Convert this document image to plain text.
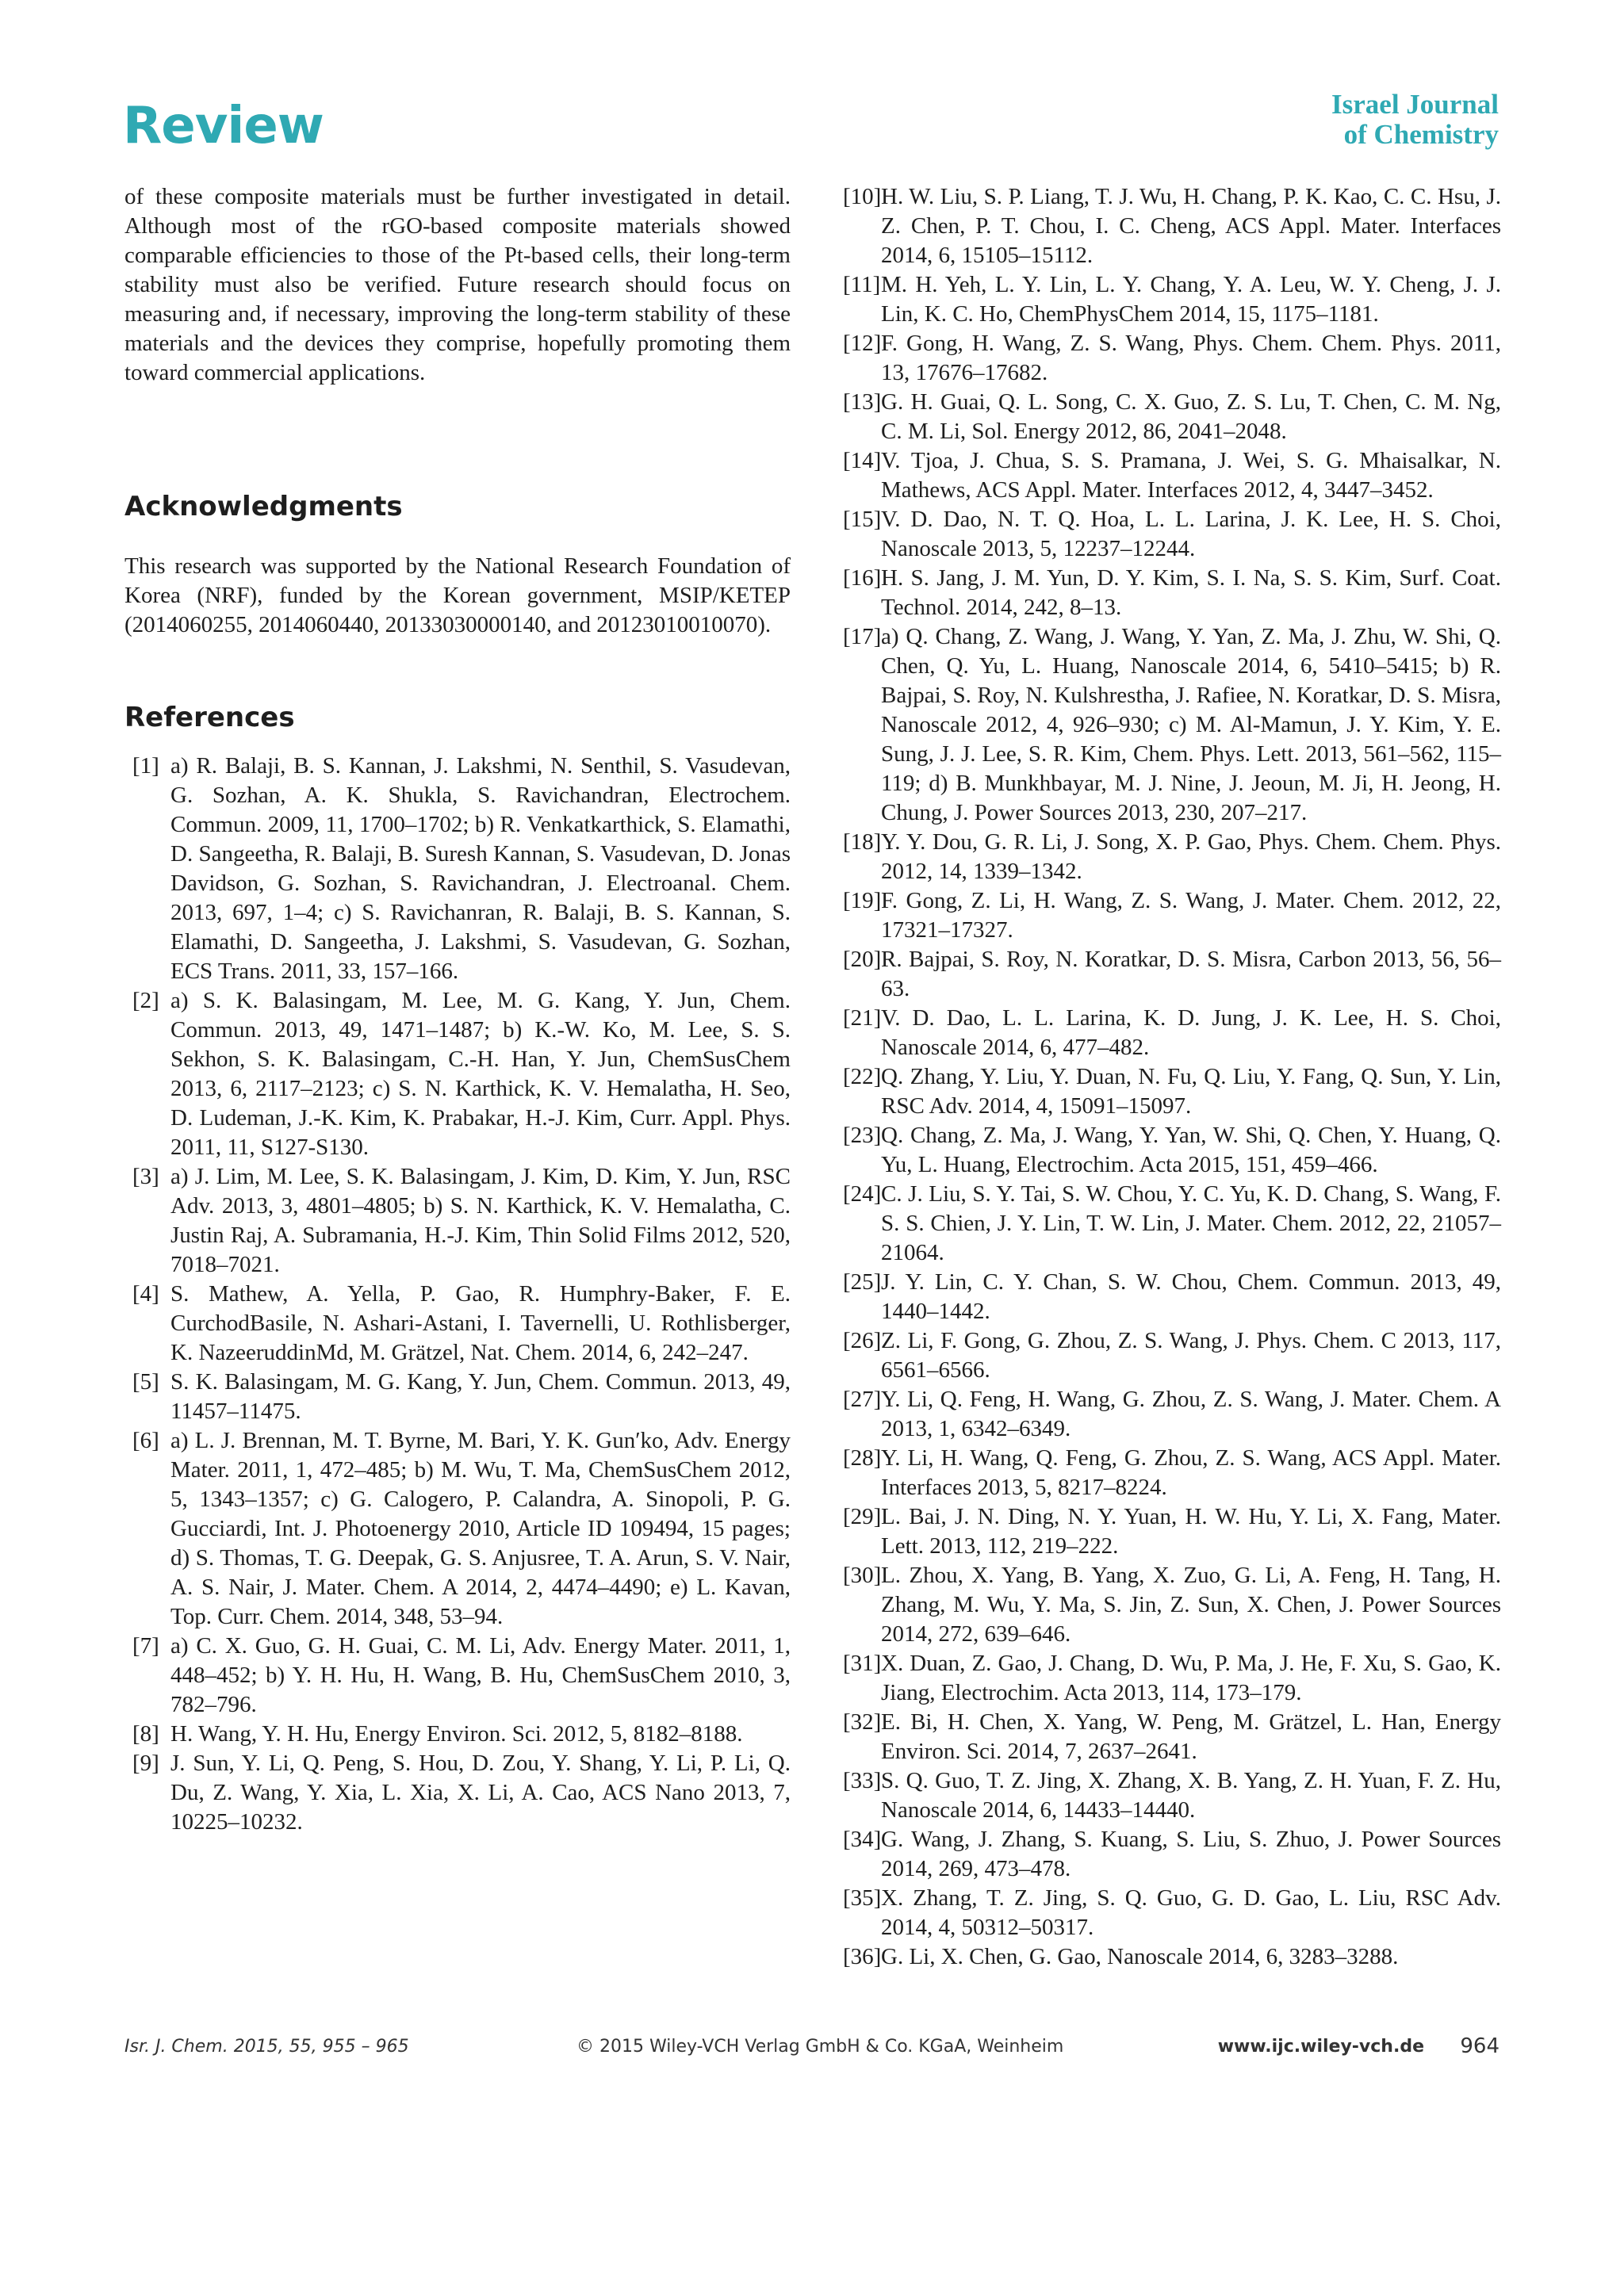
Review	Israel Journal
of Chemistry

of these composite materials must be further investigated in detail. Although most of the rGO-based composite materials showed comparable efficiencies to those of the Pt-based cells, their long-term stability must also be verified. Future research should focus on measuring and, if necessary, improving the long-term stability of these materials and the devices they comprise, hopefully promoting them toward commercial applications.

Acknowledgments

This research was supported by the National Research Foundation of Korea (NRF), funded by the Korean government, MSIP/KETEP (2014060255, 2014060440, 20133030000140, and 20123010010070).

References
[1] a) R. Balaji, B. S. Kannan, J. Lakshmi, N. Senthil, S. Vasudevan, G. Sozhan, A. K. Shukla, S. Ravichandran, Electrochem. Commun. 2009, 11, 1700–1702; b) R. Venkatkarthick, S. Elamathi, D. Sangeetha, R. Balaji, B. Suresh Kannan, S. Vasudevan, D. Jonas Davidson, G. Sozhan, S. Ravichandran, J. Electroanal. Chem. 2013, 697, 1–4; c) S. Ravichanran, R. Balaji, B. S. Kannan, S. Elamathi, D. Sangeetha, J. Lakshmi, S. Vasudevan, G. Sozhan, ECS Trans. 2011, 33, 157–166.
[2] a) S. K. Balasingam, M. Lee, M. G. Kang, Y. Jun, Chem. Commun. 2013, 49, 1471–1487; b) K.-W. Ko, M. Lee, S. S. Sekhon, S. K. Balasingam, C.-H. Han, Y. Jun, ChemSusChem 2013, 6, 2117–2123; c) S. N. Karthick, K. V. Hemalatha, H. Seo, D. Ludeman, J.-K. Kim, K. Prabakar, H.-J. Kim, Curr. Appl. Phys. 2011, 11, S127-S130.
[3] a) J. Lim, M. Lee, S. K. Balasingam, J. Kim, D. Kim, Y. Jun, RSC Adv. 2013, 3, 4801–4805; b) S. N. Karthick, K. V. Hemalatha, C. Justin Raj, A. Subramania, H.-J. Kim, Thin Solid Films 2012, 520, 7018–7021.
[4] S. Mathew, A. Yella, P. Gao, R. Humphry-Baker, F. E. CurchodBasile, N. Ashari-Astani, I. Tavernelli, U. Rothlisberger, K. NazeeruddinMd, M. Grätzel, Nat. Chem. 2014, 6, 242–247.
[5] S. K. Balasingam, M. G. Kang, Y. Jun, Chem. Commun. 2013, 49, 11457–11475.
[6] a) L. J. Brennan, M. T. Byrne, M. Bari, Y. K. Gun′ko, Adv. Energy Mater. 2011, 1, 472–485; b) M. Wu, T. Ma, ChemSusChem 2012, 5, 1343–1357; c) G. Calogero, P. Calandra, A. Sinopoli, P. G. Gucciardi, Int. J. Photoenergy 2010, Article ID 109494, 15 pages; d) S. Thomas, T. G. Deepak, G. S. Anjusree, T. A. Arun, S. V. Nair, A. S. Nair, J. Mater. Chem. A 2014, 2, 4474–4490; e) L. Kavan, Top. Curr. Chem. 2014, 348, 53–94.
[7] a) C. X. Guo, G. H. Guai, C. M. Li, Adv. Energy Mater. 2011, 1, 448–452; b) Y. H. Hu, H. Wang, B. Hu, ChemSusChem 2010, 3, 782–796.
[8] H. Wang, Y. H. Hu, Energy Environ. Sci. 2012, 5, 8182–8188.
[9] J. Sun, Y. Li, Q. Peng, S. Hou, D. Zou, Y. Shang, Y. Li, P. Li, Q. Du, Z. Wang, Y. Xia, L. Xia, X. Li, A. Cao, ACS Nano 2013, 7, 10225–10232.
[10] H. W. Liu, S. P. Liang, T. J. Wu, H. Chang, P. K. Kao, C. C. Hsu, J. Z. Chen, P. T. Chou, I. C. Cheng, ACS Appl. Mater. Interfaces 2014, 6, 15105–15112.
[11] M. H. Yeh, L. Y. Lin, L. Y. Chang, Y. A. Leu, W. Y. Cheng, J. J. Lin, K. C. Ho, ChemPhysChem 2014, 15, 1175–1181.
[12] F. Gong, H. Wang, Z. S. Wang, Phys. Chem. Chem. Phys. 2011, 13, 17676–17682.
[13] G. H. Guai, Q. L. Song, C. X. Guo, Z. S. Lu, T. Chen, C. M. Ng, C. M. Li, Sol. Energy 2012, 86, 2041–2048.
[14] V. Tjoa, J. Chua, S. S. Pramana, J. Wei, S. G. Mhaisalkar, N. Mathews, ACS Appl. Mater. Interfaces 2012, 4, 3447–3452.
[15] V. D. Dao, N. T. Q. Hoa, L. L. Larina, J. K. Lee, H. S. Choi, Nanoscale 2013, 5, 12237–12244.
[16] H. S. Jang, J. M. Yun, D. Y. Kim, S. I. Na, S. S. Kim, Surf. Coat. Technol. 2014, 242, 8–13.
[17] a) Q. Chang, Z. Wang, J. Wang, Y. Yan, Z. Ma, J. Zhu, W. Shi, Q. Chen, Q. Yu, L. Huang, Nanoscale 2014, 6, 5410–5415; b) R. Bajpai, S. Roy, N. Kulshrestha, J. Rafiee, N. Koratkar, D. S. Misra, Nanoscale 2012, 4, 926–930; c) M. Al-Mamun, J. Y. Kim, Y. E. Sung, J. J. Lee, S. R. Kim, Chem. Phys. Lett. 2013, 561–562, 115–119; d) B. Munkhbayar, M. J. Nine, J. Jeoun, M. Ji, H. Jeong, H. Chung, J. Power Sources 2013, 230, 207–217.
[18] Y. Y. Dou, G. R. Li, J. Song, X. P. Gao, Phys. Chem. Chem. Phys. 2012, 14, 1339–1342.
[19] F. Gong, Z. Li, H. Wang, Z. S. Wang, J. Mater. Chem. 2012, 22, 17321–17327.
[20] R. Bajpai, S. Roy, N. Koratkar, D. S. Misra, Carbon 2013, 56, 56–63.
[21] V. D. Dao, L. L. Larina, K. D. Jung, J. K. Lee, H. S. Choi, Nanoscale 2014, 6, 477–482.
[22] Q. Zhang, Y. Liu, Y. Duan, N. Fu, Q. Liu, Y. Fang, Q. Sun, Y. Lin, RSC Adv. 2014, 4, 15091–15097.
[23] Q. Chang, Z. Ma, J. Wang, Y. Yan, W. Shi, Q. Chen, Y. Huang, Q. Yu, L. Huang, Electrochim. Acta 2015, 151, 459–466.
[24] C. J. Liu, S. Y. Tai, S. W. Chou, Y. C. Yu, K. D. Chang, S. Wang, F. S. S. Chien, J. Y. Lin, T. W. Lin, J. Mater. Chem. 2012, 22, 21057–21064.
[25] J. Y. Lin, C. Y. Chan, S. W. Chou, Chem. Commun. 2013, 49, 1440–1442.
[26] Z. Li, F. Gong, G. Zhou, Z. S. Wang, J. Phys. Chem. C 2013, 117, 6561–6566.
[27] Y. Li, Q. Feng, H. Wang, G. Zhou, Z. S. Wang, J. Mater. Chem. A 2013, 1, 6342–6349.
[28] Y. Li, H. Wang, Q. Feng, G. Zhou, Z. S. Wang, ACS Appl. Mater. Interfaces 2013, 5, 8217–8224.
[29] L. Bai, J. N. Ding, N. Y. Yuan, H. W. Hu, Y. Li, X. Fang, Mater. Lett. 2013, 112, 219–222.
[30] L. Zhou, X. Yang, B. Yang, X. Zuo, G. Li, A. Feng, H. Tang, H. Zhang, M. Wu, Y. Ma, S. Jin, Z. Sun, X. Chen, J. Power Sources 2014, 272, 639–646.
[31] X. Duan, Z. Gao, J. Chang, D. Wu, P. Ma, J. He, F. Xu, S. Gao, K. Jiang, Electrochim. Acta 2013, 114, 173–179.
[32] E. Bi, H. Chen, X. Yang, W. Peng, M. Grätzel, L. Han, Energy Environ. Sci. 2014, 7, 2637–2641.
[33] S. Q. Guo, T. Z. Jing, X. Zhang, X. B. Yang, Z. H. Yuan, F. Z. Hu, Nanoscale 2014, 6, 14433–14440.
[34] G. Wang, J. Zhang, S. Kuang, S. Liu, S. Zhuo, J. Power Sources 2014, 269, 473–478.
[35] X. Zhang, T. Z. Jing, S. Q. Guo, G. D. Gao, L. Liu, RSC Adv. 2014, 4, 50312–50317.
[36] G. Li, X. Chen, G. Gao, Nanoscale 2014, 6, 3283–3288.
Isr. J. Chem. 2015, 55, 955 – 965	© 2015 Wiley-VCH Verlag GmbH & Co. KGaA, Weinheim	www.ijc.wiley-vch.de 964
